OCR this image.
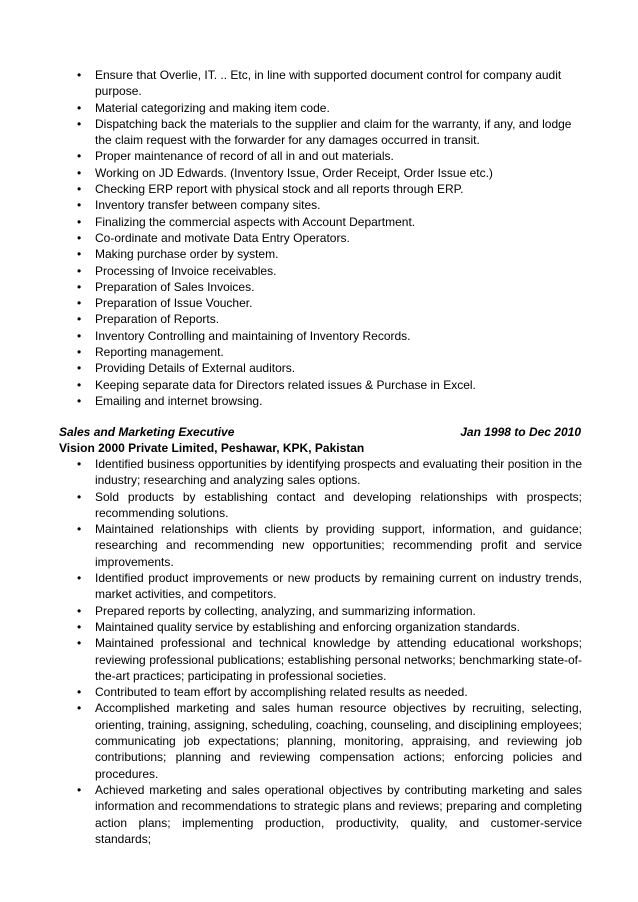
• Ensure that Overlie, IT. .. Etc, in line with supported document control for company audit purpose.
• Material categorizing and making item code.
• Dispatching back the materials to the supplier and claim for the warranty, if any, and lodge the claim request with the forwarder for any damages occurred in transit.
• Proper maintenance of record of all in and out materials.
• Working on JD Edwards. (Inventory Issue, Order Receipt, Order Issue etc.)
• Checking ERP report with physical stock and all reports through ERP.
• Inventory transfer between company sites.
• Finalizing the commercial aspects with Account Department.
• Co-ordinate and motivate Data Entry Operators.
• Making purchase order by system.
• Processing of Invoice receivables.
• Preparation of Sales Invoices.
• Preparation of Issue Voucher.
• Preparation of Reports.
• Inventory Controlling and maintaining of Inventory Records.
• Reporting management.
• Providing Details of External auditors.
• Keeping separate data for Directors related issues & Purchase in Excel.
• Emailing and internet browsing.
Sales and Marketing Executive	Jan 1998 to Dec 2010
Vision 2000 Private Limited, Peshawar, KPK, Pakistan
• Identified business opportunities by identifying prospects and evaluating their position in the industry; researching and analyzing sales options.
• Sold products by establishing contact and developing relationships with prospects; recommending solutions.
• Maintained relationships with clients by providing support, information, and guidance; researching and recommending new opportunities; recommending profit and service improvements.
• Identified product improvements or new products by remaining current on industry trends, market activities, and competitors.
• Prepared reports by collecting, analyzing, and summarizing information.
• Maintained quality service by establishing and enforcing organization standards.
• Maintained professional and technical knowledge by attending educational workshops; reviewing professional publications; establishing personal networks; benchmarking state-of-the-art practices; participating in professional societies.
• Contributed to team effort by accomplishing related results as needed.
• Accomplished marketing and sales human resource objectives by recruiting, selecting, orienting, training, assigning, scheduling, coaching, counseling, and disciplining employees; communicating job expectations; planning, monitoring, appraising, and reviewing job contributions; planning and reviewing compensation actions; enforcing policies and procedures.
• Achieved marketing and sales operational objectives by contributing marketing and sales information and recommendations to strategic plans and reviews; preparing and completing action plans; implementing production, productivity, quality, and customer-service standards;
